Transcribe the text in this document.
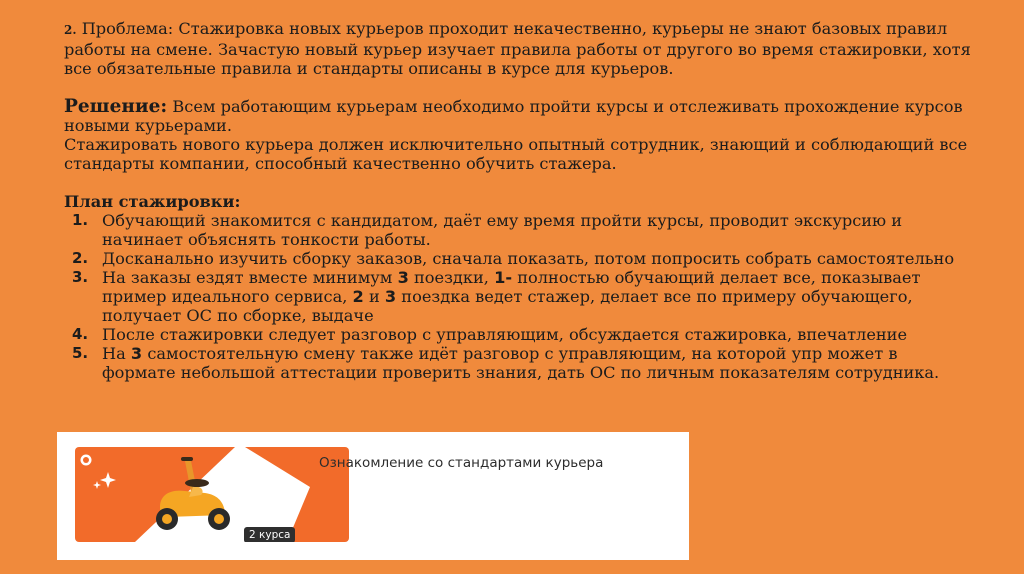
2. Проблема: Стажировка новых курьеров проходит некачественно, курьеры не знают базовых правил работы на смене. Зачастую новый курьер изучает правила работы от другого во время стажировки, хотя все обязательные правила и стандарты описаны в курсе для курьеров.

Решение: Всем работающим курьерам необходимо пройти курсы и отслеживать прохождение курсов новыми курьерами.

Стажировать нового курьера должен исключительно опытный сотрудник, знающий и соблюдающий все стандарты компании, способный качественно обучить стажера.

План стажировки:
1. Обучающий знакомится с кандидатом, даёт ему время пройти курсы, проводит экскурсию и начинает объяснять тонкости работы.
2. Досканально изучить сборку заказов, сначала показать, потом попросить собрать самостоятельно
3. На заказы ездят вместе минимум 3 поездки, 1- полностью обучающий делает все, показывает пример идеального сервиса, 2 и 3 поездка ведет стажер, делает все по примеру обучающего, получает ОС по сборке, выдаче
4. После стажировки следует разговор с управляющим, обсуждается стажировка, впечатление
5. На 3 самостоятельную смену также идёт разговор с управляющим, на которой упр может в формате небольшой аттестации проверить знания, дать ОС по личным показателям сотрудника.
2 курса
Ознакомление со стандартами курьера
